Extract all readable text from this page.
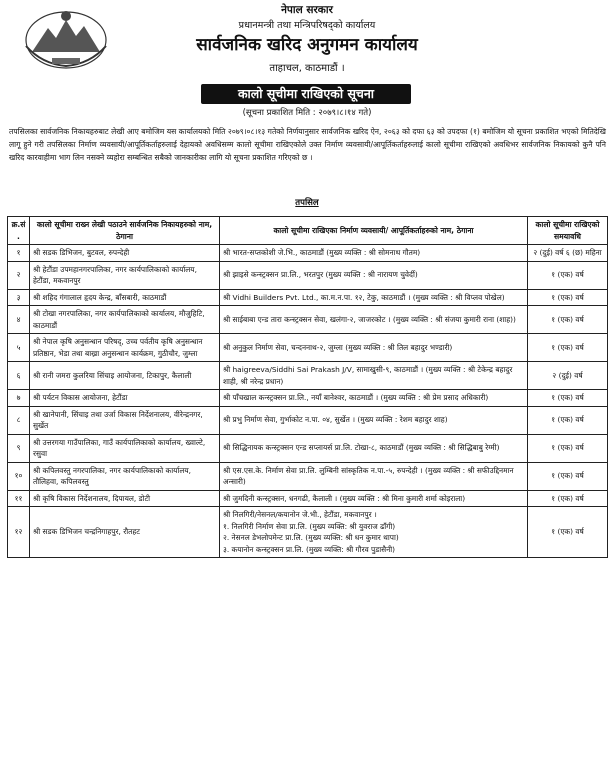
नेपाल सरकार
प्रधानमन्त्री तथा मन्त्रिपरिषद्‌को कार्यालय
सार्वजनिक खरिद अनुगमन कार्यालय
ताहाचल, काठमाडौं ।
कालो सूचीमा राखिएको सूचना
(सूचना प्रकाशित मिति : २०७९।८।१४ गते)
तपसिलका सार्वजनिक निकायहरुबाट लेखी आए बमोजिम यस कार्यालयको मिति २०७९।०८।१३ गतेको निर्णयानुसार सार्वजनिक खरिद ऐन, २०६३ को दफा ६३ को उपदफा (१) बमोजिम यो सूचना प्रकाशित भएको मितिदेखि लागू हुने गरी तपसिलका निर्माण व्यवसायी/आपूर्तिकर्ताहरुलाई देहायको अवधिसम्म कालो सूचीमा राखिएकोले उक्त निर्माण व्यवसायी/आपूर्तिकर्ताहरुलाई कालो सूचीमा राखिएको अवधिभर सार्वजनिक निकायको कुनै पनि खरिद कारवाहीमा भाग लिन नसक्ने व्यहोरा सम्बन्धित सबैको जानकारीका लागि यो सूचना प्रकाशित गरिएको छ ।
तपसिल
क्र.सं.	कालो सूचीमा राख्न लेखी पठाउने सार्वजनिक निकायहरुको नाम, ठेगाना	कालो सूचीमा राखिएका निर्माण व्यवसायी/ आपूर्तिकर्ताहरुको नाम, ठेगाना	कालो सूचीमा राखिएको समयावधि
१	श्री सडक डिभिजन, बुटवल, रुपन्देही	श्री भारत-सप्तकोशी जे.भि., काठमाडौं (मुख्य व्यक्ति : श्री सोमनाथ गौतम)	२ (दुई) वर्ष ६ (छ) महिना
२	श्री हेटौंडा उपमहानगरपालिका, नगर कार्यपालिकाको कार्यालय, हेटौंडा, मकवानपुर	श्री झाइसे कन्स्ट्रक्सन प्रा.लि., भरतपुर (मुख्य व्यक्ति : श्री नारायण चुवेर्दी)	१ (एक) वर्ष
३	श्री शहिद गंगालाल हृदय केन्द्र, बाँसबारी, काठमाडौं	श्री Vidhi Builders Pvt. Ltd., का.म.न.पा. १२, टेकु, काठमाडौं । (मुख्य व्यक्ति : श्री विप्लव पोखेल)	१ (एक) वर्ष
४	श्री टोखा नगरपालिका, नगर कार्यपालिकाको कार्यालय, मौजुहिटि, काठमाडौं	श्री साईबाबा एन्ड तारा कन्स्ट्रक्सन सेवा, खलंगा-२, जाजरकोट । (मुख्य व्यक्ति : श्री संजया कुमारी राना (शाह))	१ (एक) वर्ष
५	श्री नेपाल कृषि अनुसन्धान परिषद्, उच्च पर्वतीय कृषि अनुसन्धान प्रतिष्ठान, भेडा तथा बाख्रा अनुसन्धान कार्यक्रम, गुठीचौर, जुम्ला	श्री अनुकुल निर्माण सेवा, चन्दननाथ-२, जुम्ला (मुख्य व्यक्ति : श्री तिल बहादुर भण्डारी)	१ (एक) वर्ष
६	श्री रानी जमरा कुलरिया सिंचाइ आयोजना, टिकापुर, कैलाली	श्री haigreeva/Siddhi Sai Prakash J/V, सामाखुसी-९, काठमाडौं । (मुख्य व्यक्ति : श्री टेकेन्द्र बहादुर शाही, श्री नरेन्द्र प्रधान)	२ (दुई) वर्ष
७	श्री पर्यटन विकास आयोजना, हेटौंडा	श्री पाँचखाल कन्स्ट्रक्सन प्रा.लि., नयाँ बानेश्वर, काठमाडौं । (मुख्य व्यक्ति : श्री प्रेम प्रसाद अधिकारी)	१ (एक) वर्ष
८	श्री खानेपानी, सिंचाइ तथा उर्जा विकास निर्देशनालय, वीरेन्द्रनगर, सुर्खेत	श्री प्रभु निर्माण सेवा, गुर्भाकोट न.पा. ०४, सुर्खेत । (मुख्य व्यक्ति : रेशम बहादुर शाह)	१ (एक) वर्ष
९	श्री उत्तरगया गाउँपालिका, गाउँ कार्यपालिकाको कार्यालय, ख्वाल्टे, रसुवा	श्री सिद्धिनायक कन्स्ट्रक्सन एन्ड सप्लायर्स प्रा.लि. टोखा-८, काठमाडौं (मुख्य व्यक्ति : श्री सिद्धिबाबु रेग्मी)	१ (एक) वर्ष
१०	श्री कपिलवस्तु नगरपालिका, नगर कार्यपालिकाको कार्यालय, तौलिहवा, कपिलवस्तु	श्री एस.एस.के. निर्माण सेवा प्रा.लि. लुम्बिनी सांस्कृतिक न.पा.-५, रुपन्देही । (मुख्य व्यक्ति : श्री सफीउद्दिनमान अन्सारी)	१ (एक) वर्ष
११	श्री कृषि विकास निर्देशनालय, दिपायल, डोटी	श्री जुमदिनी कन्स्ट्रक्सन, धनगढी, कैलाली । (मुख्य व्यक्ति : श्री मिना कुमारी शर्मा कोइराला)	१ (एक) वर्ष
१२	श्री सडक डिभिजन चन्द्रनिगाहपुर, रौतहट	श्री निलगिरी/नेसनल/कयानोन जे.भी., हेटौंडा, मकवानपुर ।
१. निलगिरी निर्माण सेवा प्रा.लि. (मुख्य व्यक्ति: श्री युवराज ढाँगी)
२. नेसनल डेभलोपमेन्ट प्रा.लि. (मुख्य व्यक्ति: श्री धन कुमार थापा)
३. कयानोन कन्स्ट्रक्सन प्रा.लि. (मुख्य व्यक्ति: श्री गौरव पुडासैनी)	१ (एक) वर्ष
